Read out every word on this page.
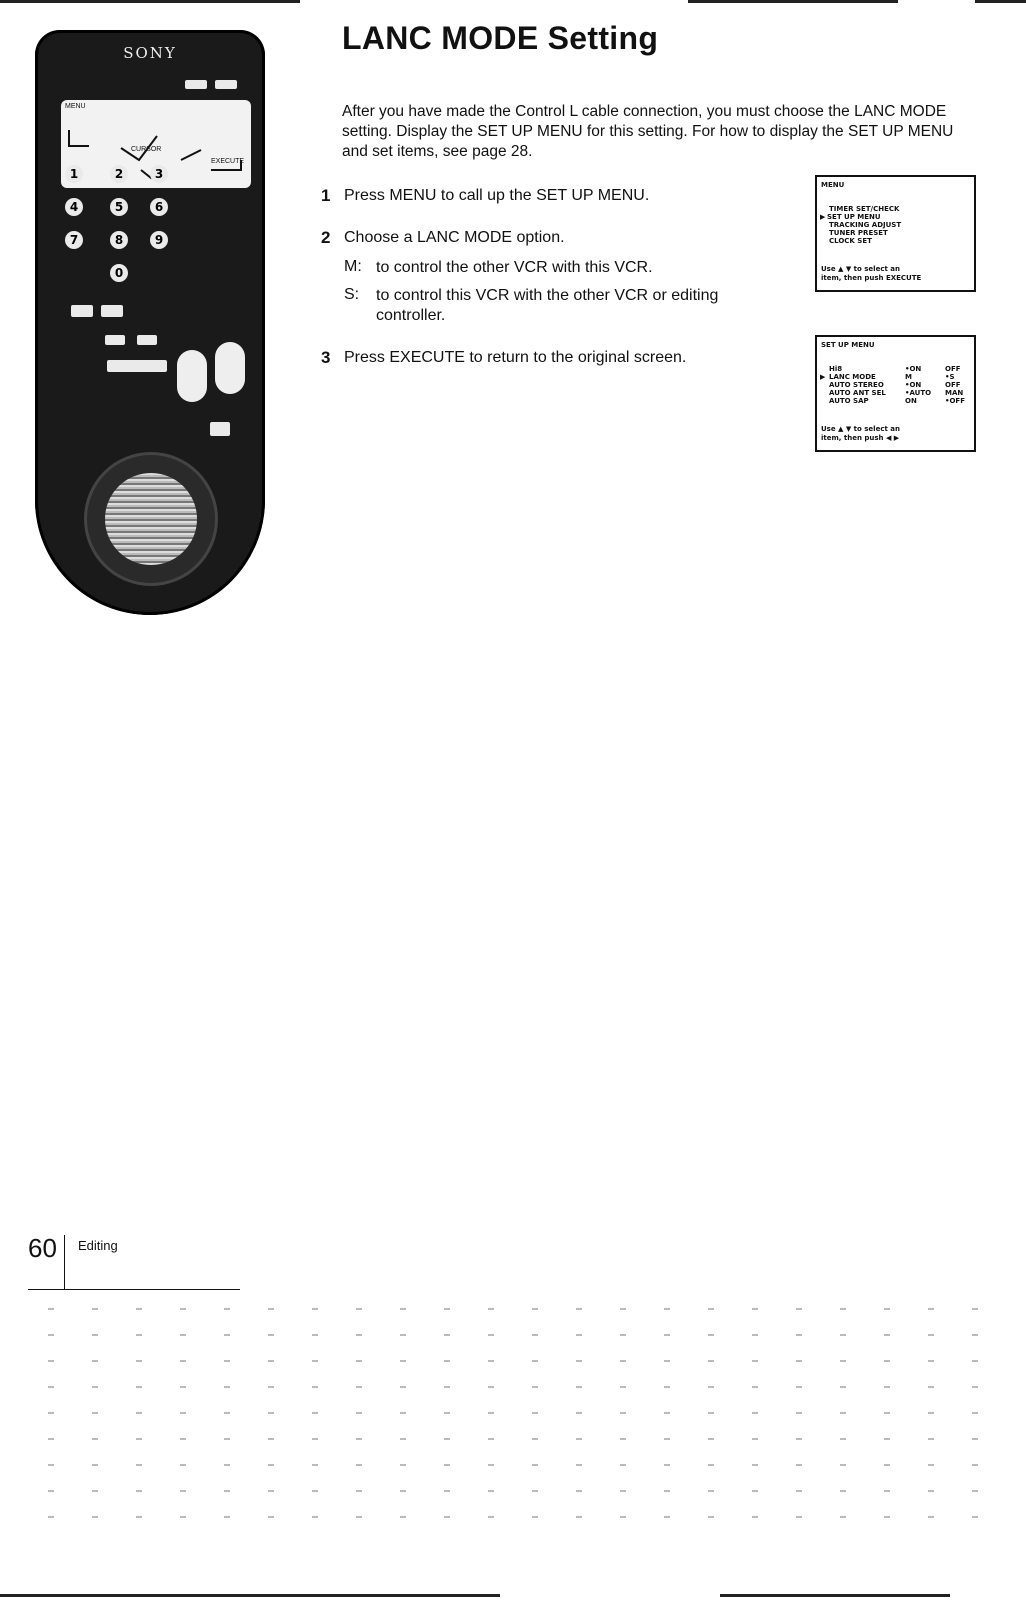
SONY
MENU
CURSOR
EXECUTE
1	2	3
4	5	6
7	8	9
0
LANC MODE Setting
After you have made the Control L cable connection, you must choose the LANC MODE setting. Display the SET UP MENU for this setting. For how to display the SET UP MENU and set items, see page 28.
1 Press MENU to call up the SET UP MENU.
2 Choose a LANC MODE option.
M: to control the other VCR with this VCR.
S: to control this VCR with the other VCR or editing controller.
3 Press EXECUTE to return to the original screen.
MENU
TIMER SET/CHECK
▶ SET UP MENU
TRACKING ADJUST
TUNER PRESET
CLOCK SET
Use ▲ ▼ to select an
item, then push EXECUTE
SET UP MENU
▶
Use ▲ ▼ to select an
item, then push ◀ ▶
Hi8	•ON	OFF
LANC MODE	M	•S
AUTO STEREO	•ON	OFF
AUTO ANT SEL	•AUTO MAN
AUTO SAP	ON	•OFF
60 Editing
